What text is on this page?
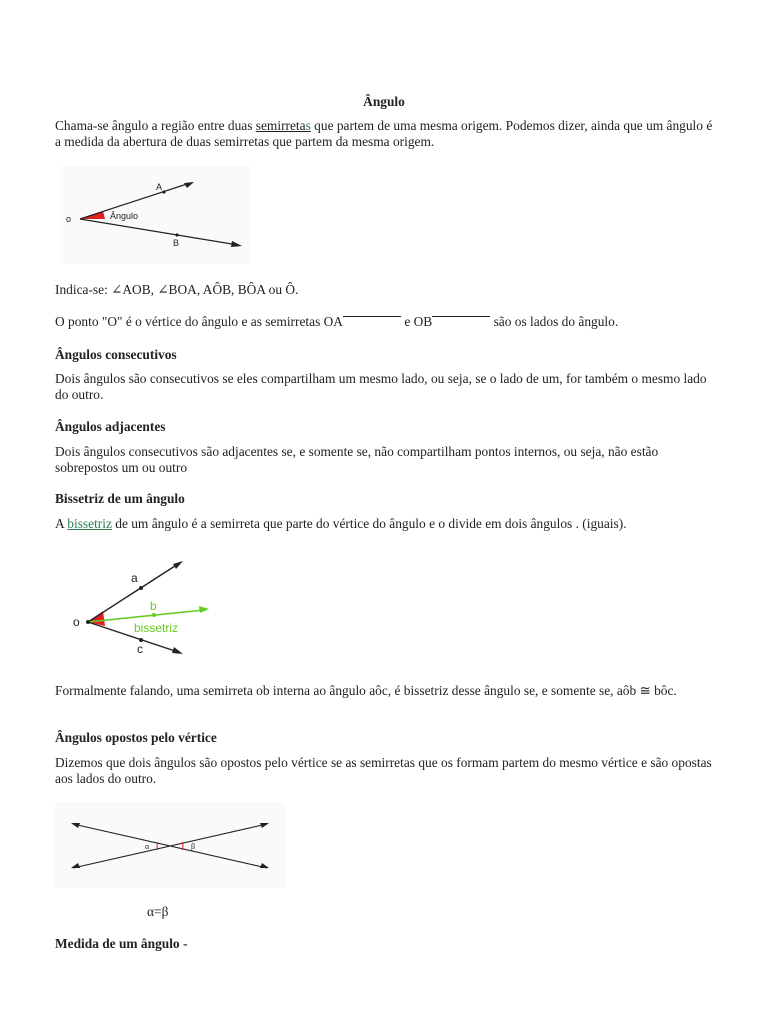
Ângulo

Chama-se ângulo a região entre duas semirretas que partem de uma mesma origem. Podemos dizer, ainda que um ângulo é a medida da abertura de duas semirretas que partem da mesma origem.

o
A
B
Ângulo

Indica-se: ∠AOB, ∠BOA, AÔB, BÔA ou Ô.

O ponto "O" é o vértice do ângulo e as semirretas OA	e OB	são os lados do ângulo.

Ângulos consecutivos

Dois ângulos são consecutivos se eles compartilham um mesmo lado, ou seja, se o lado de um, for também o mesmo lado do outro.

Ângulos adjacentes

Dois ângulos consecutivos são adjacentes se, e somente se, não compartilham pontos internos, ou seja, não estão sobrepostos um ou outro

Bissetriz de um ângulo

A bissetriz de um ângulo é a semirreta que parte do vértice do ângulo e o divide em dois ângulos . (iguais).

o
a
b
bissetriz
c

Formalmente falando, uma semirreta ob interna ao ângulo aôc, é bissetriz desse ângulo se, e somente se, aôb ≅ bôc.

Ângulos opostos pelo vértice

Dizemos que dois ângulos são opostos pelo vértice se as semirretas que os formam partem do mesmo vértice e são opostas aos lados do outro.

α	β
α=β
Medida de um ângulo -
